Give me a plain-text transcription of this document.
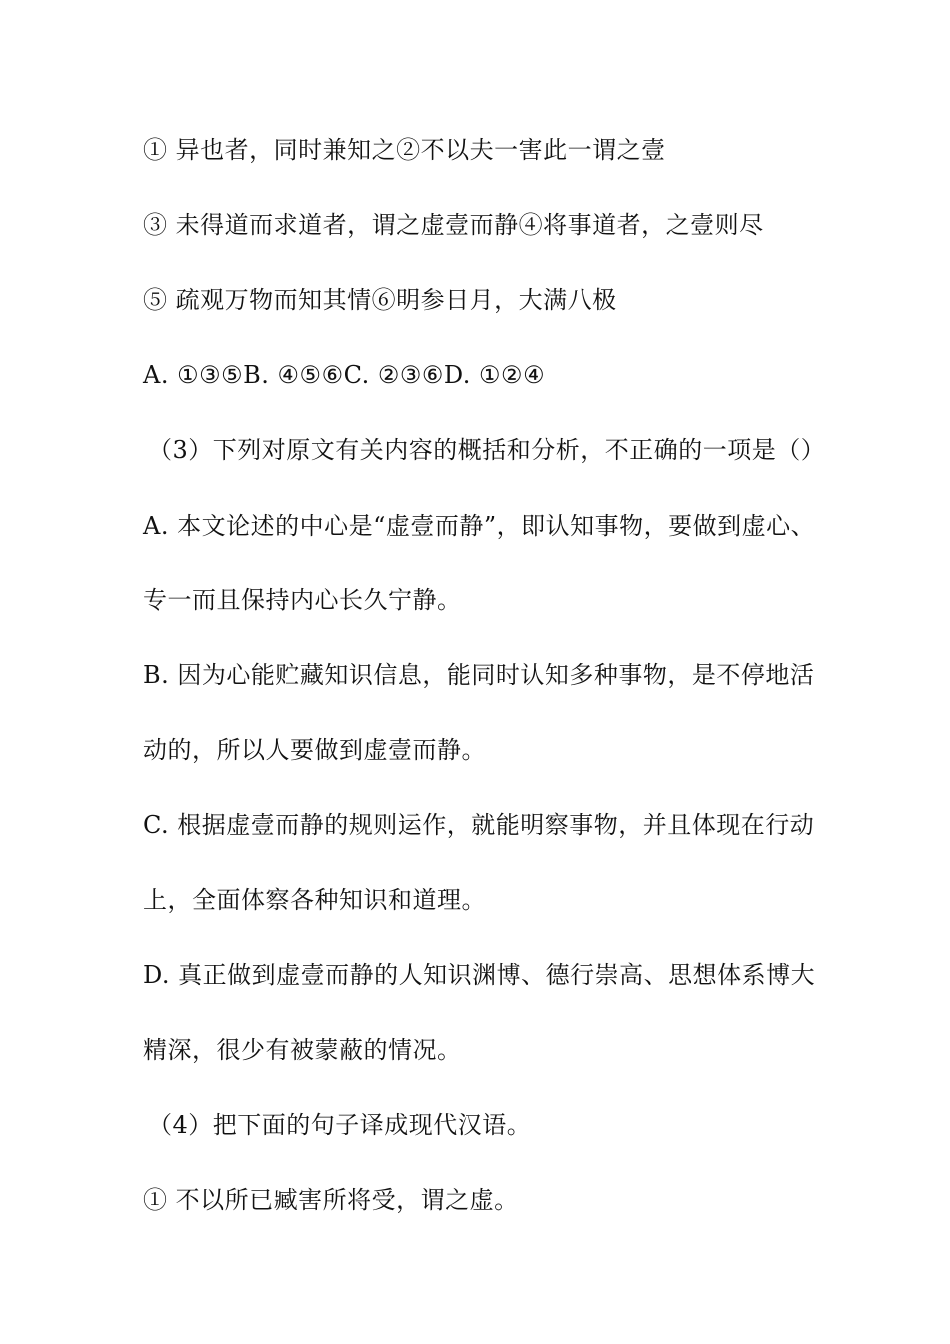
① 异也者，同时兼知之②不以夫一害此一谓之壹
③ 未得道而求道者，谓之虚壹而静④将事道者，之壹则尽
⑤ 疏观万物而知其情⑥明参日月，大满八极
A. ①③⑤B. ④⑤⑥C. ②③⑥D. ①②④
（3）下列对原文有关内容的概括和分析，不正确的一项是（）
A. 本文论述的中心是“虚壹而静”，即认知事物，要做到虚心、
专一而且保持内心长久宁静。
B. 因为心能贮藏知识信息，能同时认知多种事物，是不停地活
动的，所以人要做到虚壹而静。
C. 根据虚壹而静的规则运作，就能明察事物，并且体现在行动
上，全面体察各种知识和道理。
D. 真正做到虚壹而静的人知识渊博、德行崇高、思想体系博大
精深，很少有被蒙蔽的情况。
（4）把下面的句子译成现代汉语。
① 不以所已臧害所将受，谓之虚。
